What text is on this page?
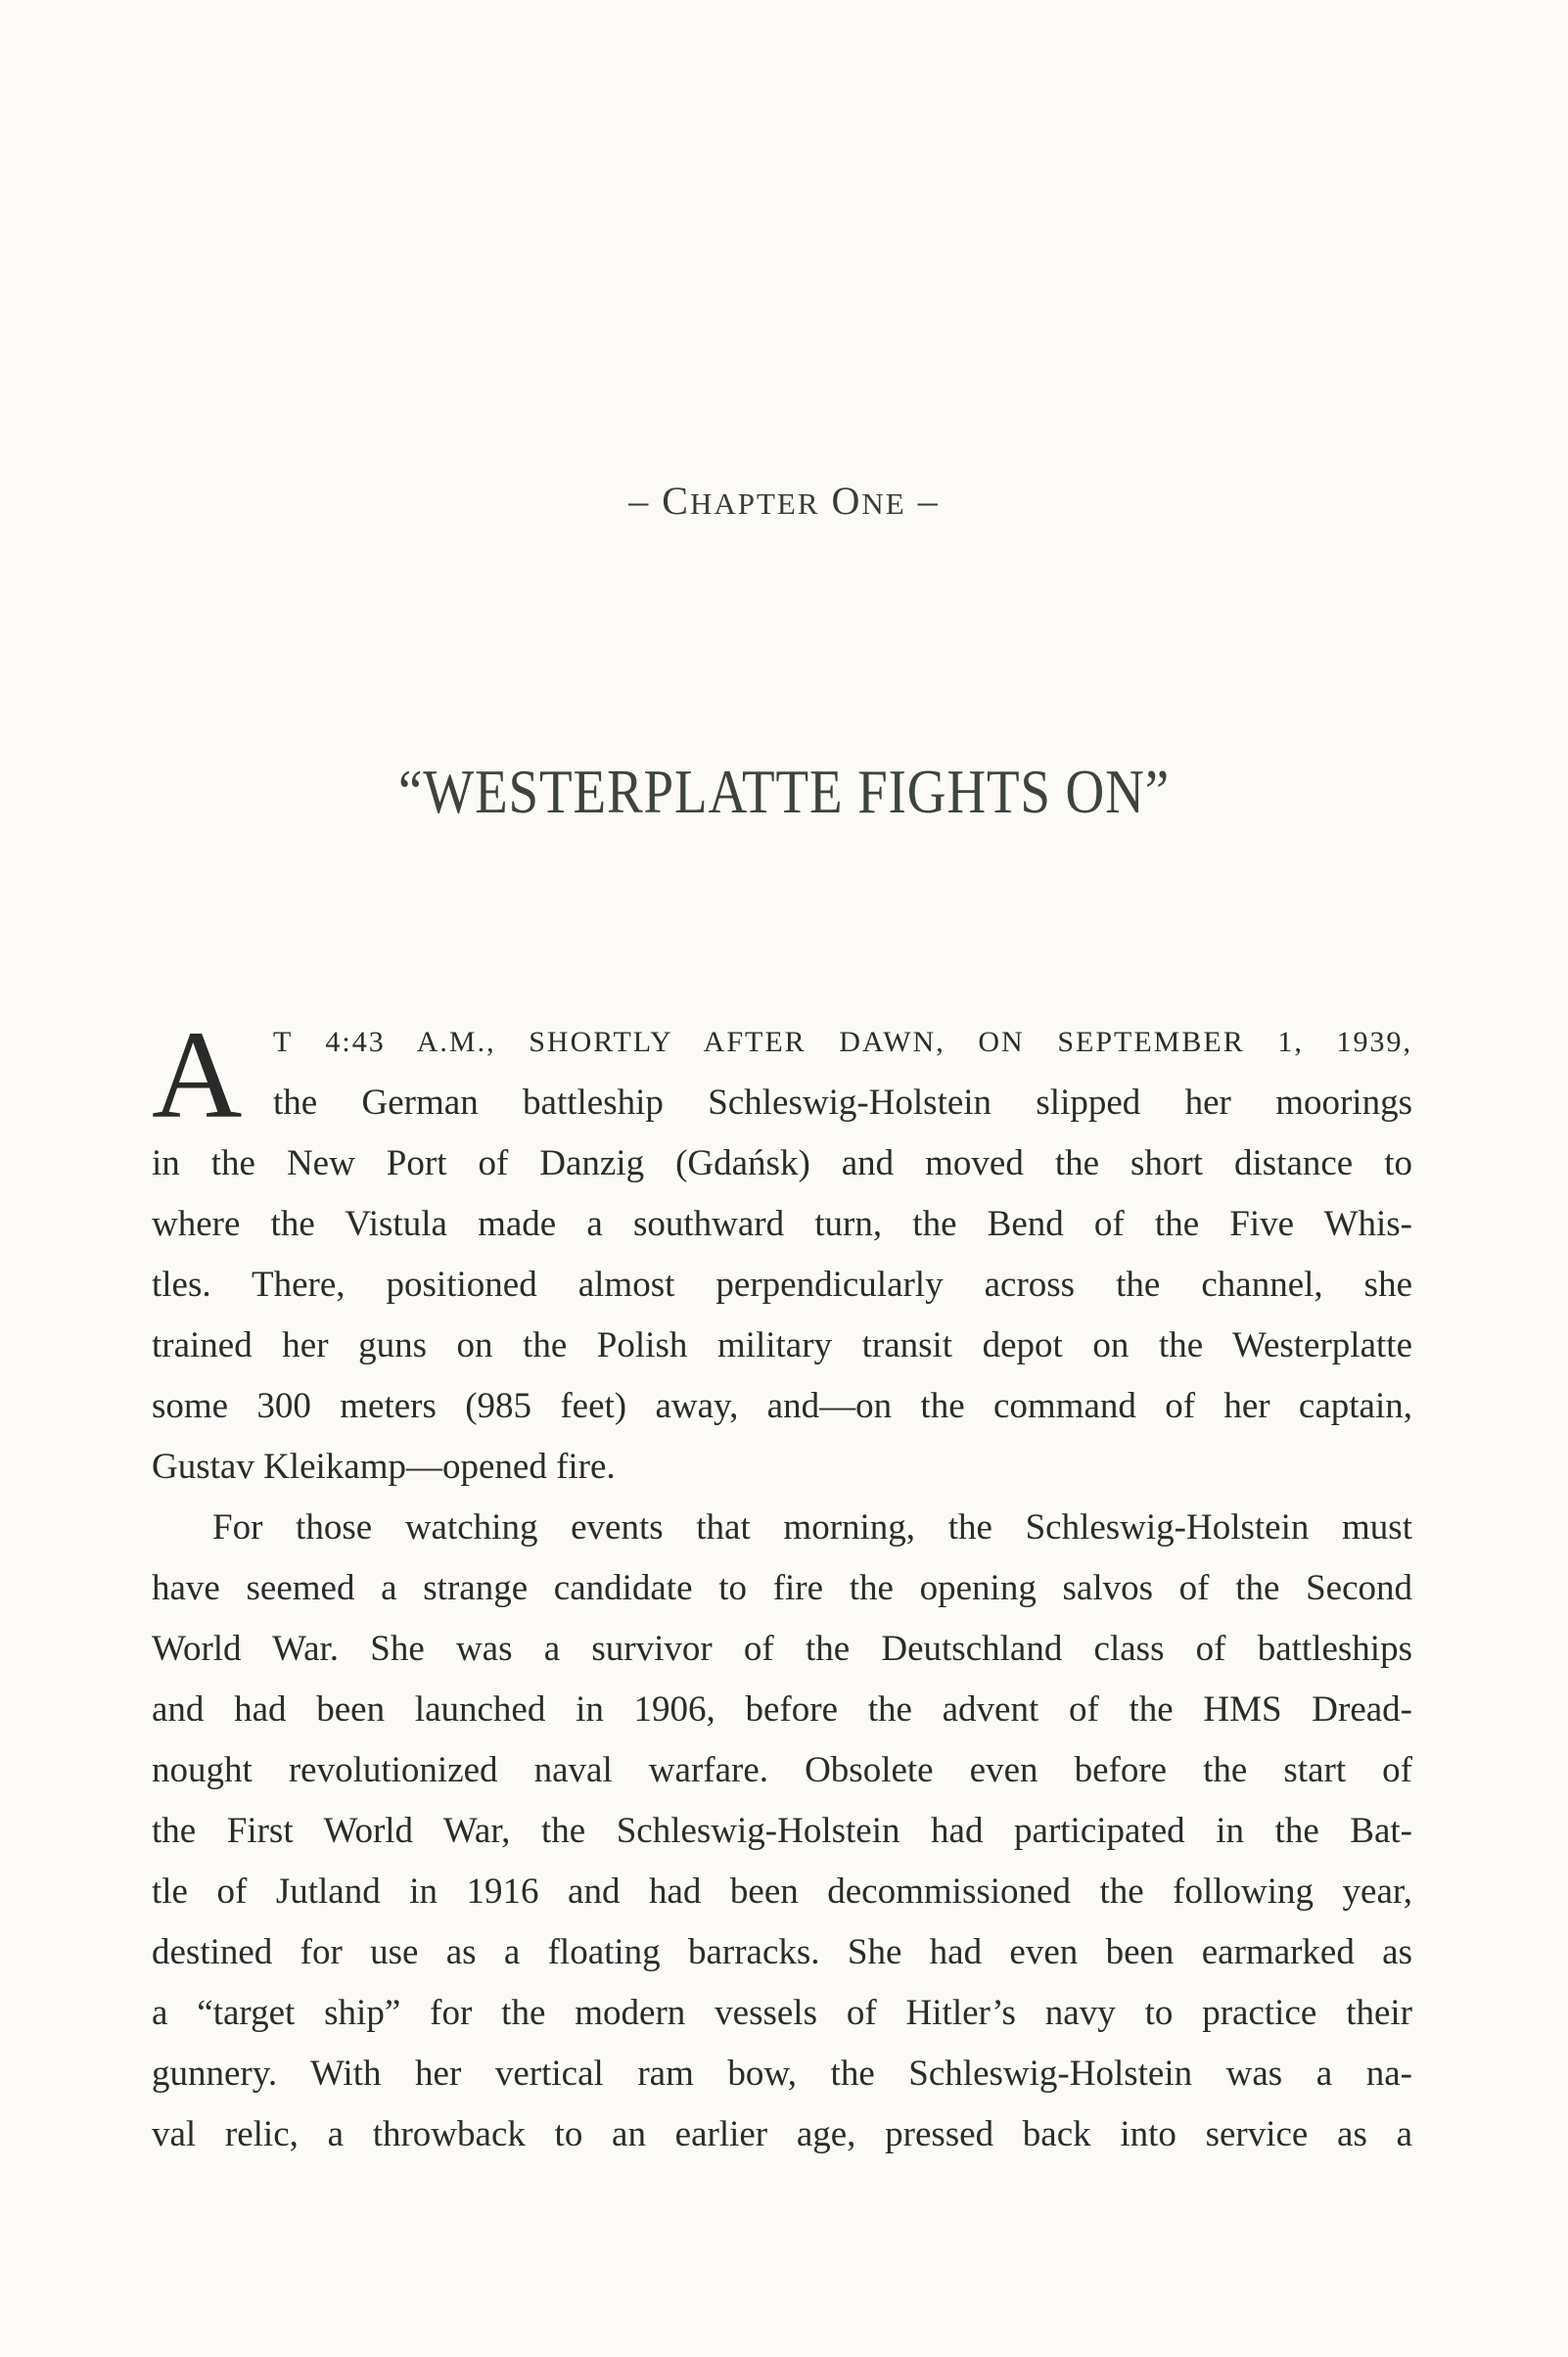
– CHAPTER ONE –
“WESTERPLATTE FIGHTS ON”
A	T 4:43 A.M., SHORTLY AFTER DAWN, ON SEPTEMBER 1, 1939,
the German battleship Schleswig-Holstein slipped her moorings
in the New Port of Danzig (Gdańsk) and moved the short distance to
where the Vistula made a southward turn, the Bend of the Five Whis-
tles. There, positioned almost perpendicularly across the channel, she
trained her guns on the Polish military transit depot on the Westerplatte
some 300 meters (985 feet) away, and—on the command of her captain,
Gustav Kleikamp—opened fire.
For those watching events that morning, the Schleswig-Holstein must
have seemed a strange candidate to fire the opening salvos of the Second
World War. She was a survivor of the Deutschland class of battleships
and had been launched in 1906, before the advent of the HMS Dread-
nought revolutionized naval warfare. Obsolete even before the start of
the First World War, the Schleswig-Holstein had participated in the Bat-
tle of Jutland in 1916 and had been decommissioned the following year,
destined for use as a floating barracks. She had even been earmarked as
a “target ship” for the modern vessels of Hitler’s navy to practice their
gunnery. With her vertical ram bow, the Schleswig-Holstein was a na-
val relic, a throwback to an earlier age, pressed back into service as a
